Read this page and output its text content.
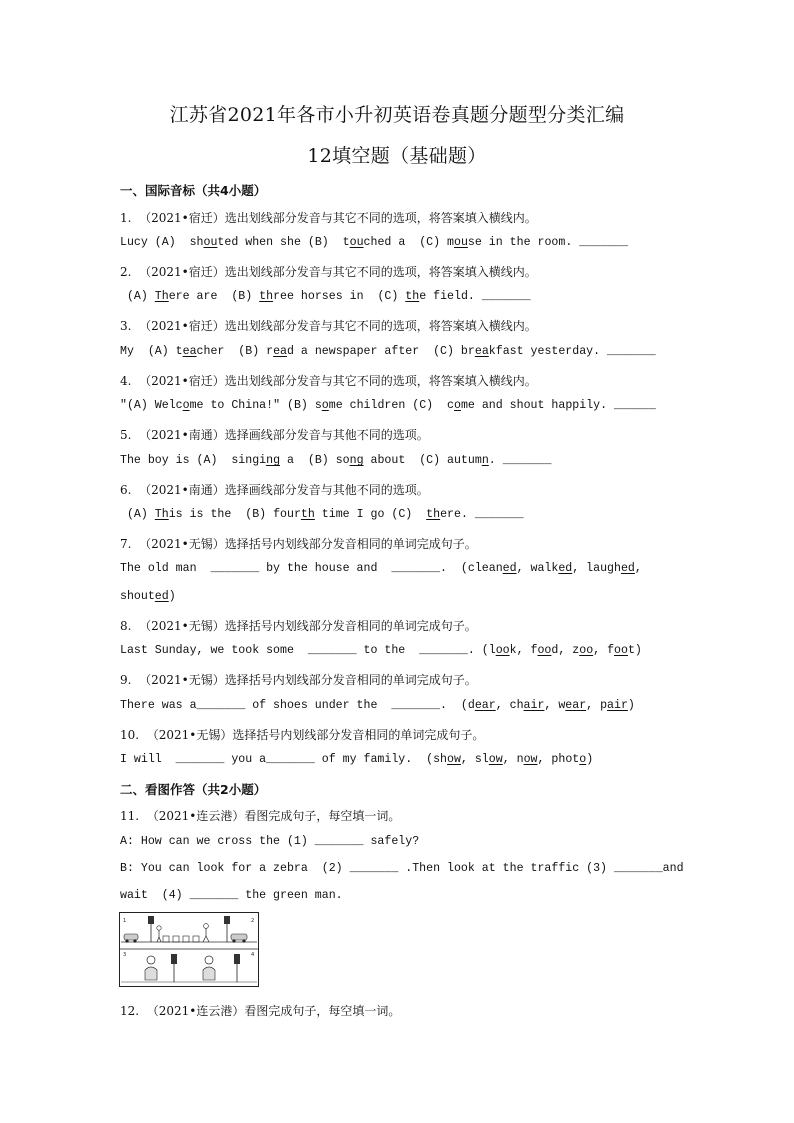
江苏省2021年各市小升初英语卷真题分题型分类汇编
12填空题（基础题）
一、国际音标（共4小题）
1.  （2021•宿迁）选出划线部分发音与其它不同的选项，将答案填入横线内。
Lucy (A)  shouted when she (B)  touched a  (C) mouse in the room. _______
2.  （2021•宿迁）选出划线部分发音与其它不同的选项，将答案填入横线内。
(A) There are  (B) three horses in  (C) the field. _______
3.  （2021•宿迁）选出划线部分发音与其它不同的选项，将答案填入横线内。
My  (A) teacher  (B) read a newspaper after  (C) breakfast yesterday. _______
4.  （2021•宿迁）选出划线部分发音与其它不同的选项，将答案填入横线内。
"(A) Welcome to China!" (B) some children (C)  come and shout happily. ______
5.  （2021•南通）选择画线部分发音与其他不同的选项。
The boy is (A)  singing a  (B) song about  (C) autumn. _______
6.  （2021•南通）选择画线部分发音与其他不同的选项。
(A) This is the  (B) fourth time I go (C)  there. _______
7.  （2021•无锡）选择括号内划线部分发音相同的单词完成句子。
The old man  _______ by the house and  _______.  (cleaned, walked, laughed,
shouted)
8.  （2021•无锡）选择括号内划线部分发音相同的单词完成句子。
Last Sunday, we took some  _______ to the  _______. (look, food, zoo, foot)
9.  （2021•无锡）选择括号内划线部分发音相同的单词完成句子。
There was a_______ of shoes under the  _______.  (dear, chair, wear, pair)
10.  （2021•无锡）选择括号内划线部分发音相同的单词完成句子。
I will  _______ you a_______ of my family.  (show, slow, now, photo)
二、看图作答（共2小题）
11.  （2021•连云港）看图完成句子，每空填一词。
A: How can we cross the (1) _______ safely?
B: You can look for a zebra  (2) _______ .Then look at the traffic (3) _______and
wait  (4) _______ the green man.
1	2
3	4
12.  （2021•连云港）看图完成句子，每空填一词。
